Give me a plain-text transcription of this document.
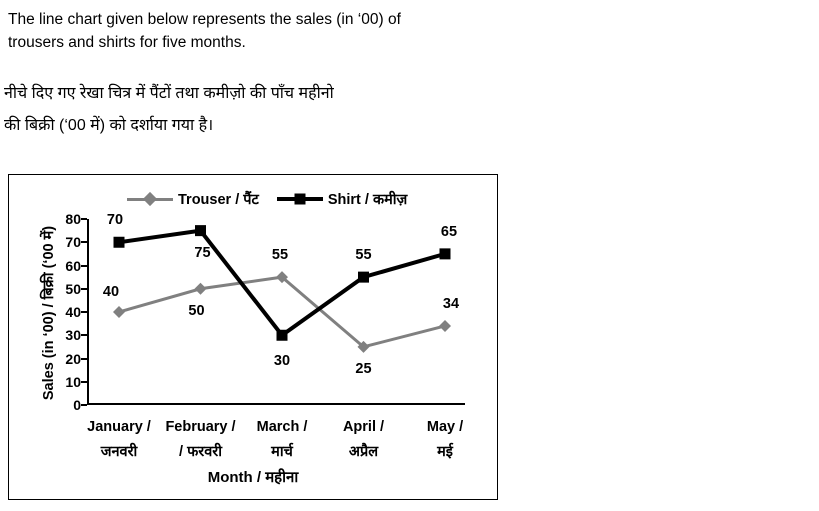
The line chart given below represents the sales (in ‘00) of
trousers and shirts for five months.
नीचे दिए गए रेखा चित्र में पैंटों तथा कमीज़ो की पाँच महीनो
की बिक्री (‘00 में) को दर्शाया गया है।
Trouser / पैंट	Shirt / कमीज़
Sales (in ‘00) / बिक्री (‘00 में)
0
10
20
30
40
50
60
70
80
40
50
55
25
34
70
75
30
55
65
January /
जनवरी
February /
/ फरवरी
March /
मार्च
April /
अप्रैल
May /
मई
Month / महीना
